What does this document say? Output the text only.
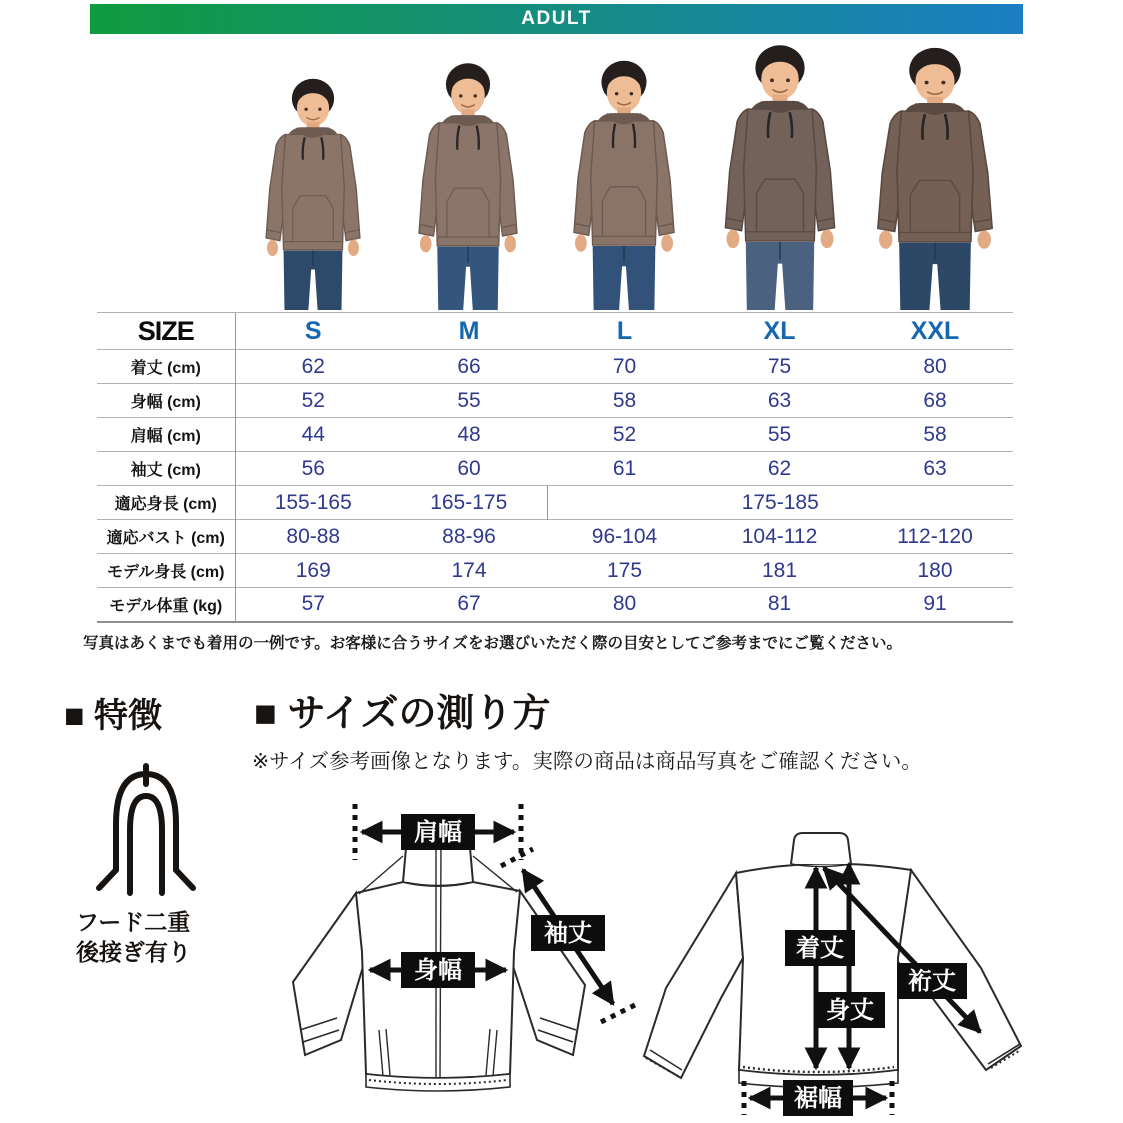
ADULT
SIZE	S	M	L	XL	XXL
着丈 (cm)	62	66	70	75	80
身幅 (cm)	52	55	58	63	68
肩幅 (cm)	44	48	52	55	58
袖丈 (cm)	56	60	61	62	63
適応身長 (cm)	155-165	165-175	175-185		
適応バスト (cm)	80-88	88-96	96-104	104-112	112-120
モデル身長 (cm)	169	174	175	181	180
モデル体重 (kg)	57	67	80	81	91
写真はあくまでも着用の一例です。お客様に合うサイズをお選びいただく際の目安としてご参考までにご覧ください。
■ 特徴 ■ サイズの測り方
※サイズ参考画像となります。実際の商品は商品写真をご確認ください。
フード二重
後接ぎ有り
肩幅
身幅
袖丈
着丈
身丈
裄丈
裾幅
